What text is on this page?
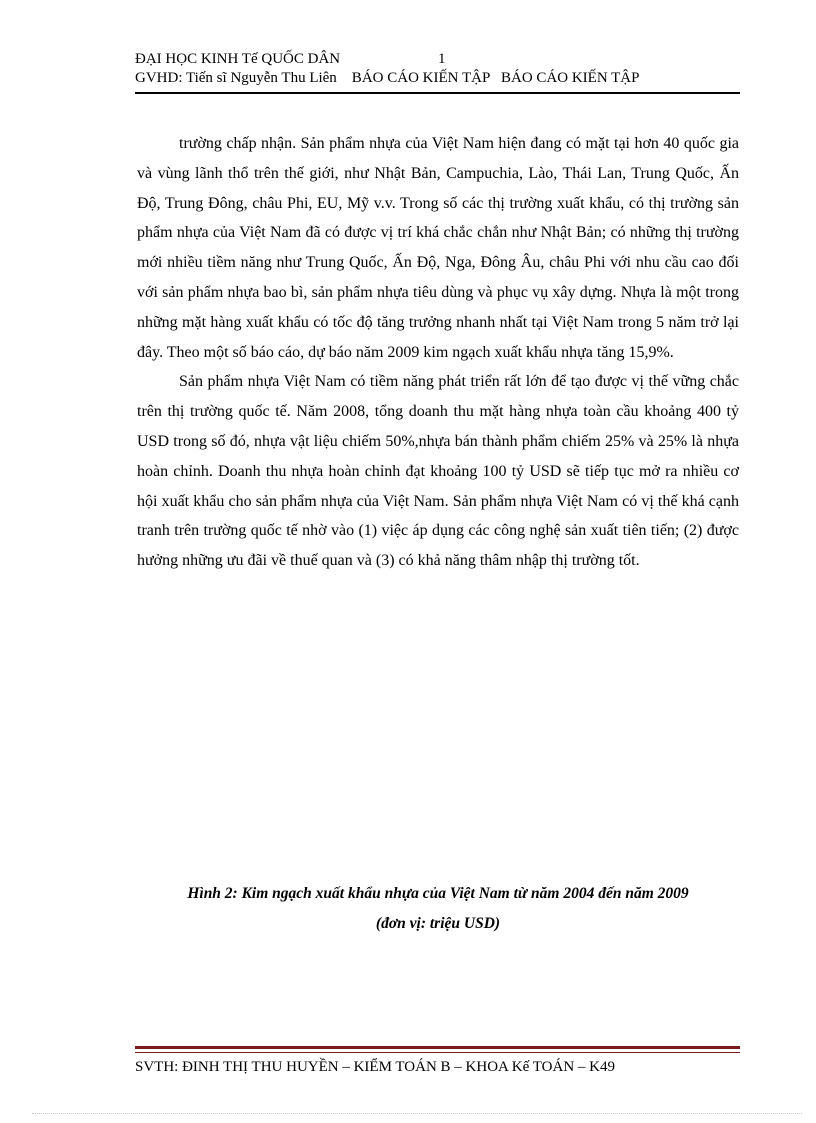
ĐẠI HỌC KINH Tế QUỐC DÂN	1
GVHD: Tiến sĩ Nguyễn Thu Liên    BÁO CÁO KIẾN TẬP   BÁO CÁO KIẾN TẬP

trường chấp nhận. Sản phẩm nhựa của Việt Nam hiện đang có mặt tại hơn 40 quốc gia và vùng lãnh thổ trên thế giới, như Nhật Bản, Campuchia, Lào, Thái Lan, Trung Quốc, Ấn Độ, Trung Đông, châu Phi, EU, Mỹ v.v. Trong số các thị trường xuất khẩu, có thị trường sản phẩm nhựa của Việt Nam đã có được vị trí khá chắc chắn như Nhật Bản; có những thị trường mới nhiều tiềm năng như Trung Quốc, Ấn Độ, Nga, Đông Âu, châu Phi với nhu cầu cao đối với sản phẩm nhựa bao bì, sản phẩm nhựa tiêu dùng và phục vụ xây dựng. Nhựa là một trong những mặt hàng xuất khẩu có tốc độ tăng trưởng nhanh nhất tại Việt Nam trong 5 năm trở lại đây. Theo một số báo cáo, dự báo năm 2009 kim ngạch xuất khẩu nhựa tăng 15,9%.

Sản phẩm nhựa Việt Nam có tiềm năng phát triển rất lớn để tạo được vị thế vững chắc trên thị trường quốc tế. Năm 2008, tổng doanh thu mặt hàng nhựa toàn cầu khoảng 400 tỷ USD trong số đó, nhựa vật liệu chiếm 50%,nhựa bán thành phẩm chiếm 25% và 25% là nhựa hoàn chỉnh. Doanh thu nhựa hoàn chỉnh đạt khoảng 100 tỷ USD sẽ tiếp tục mở ra nhiều cơ hội xuất khẩu cho sản phẩm nhựa của Việt Nam. Sản phẩm nhựa Việt Nam có vị thế khá cạnh tranh trên trường quốc tế nhờ vào (1) việc áp dụng các công nghệ sản xuất tiên tiến; (2) được hưởng những ưu đãi về thuế quan và (3) có khả năng thâm nhập thị trường tốt.

Hình 2: Kim ngạch xuất khẩu nhựa của Việt Nam từ năm 2004 đến năm 2009
(đơn vị: triệu USD)
SVTH: ĐINH THỊ THU HUYỀN – KIỂM TOÁN B – KHOA Kế TOÁN – K49
